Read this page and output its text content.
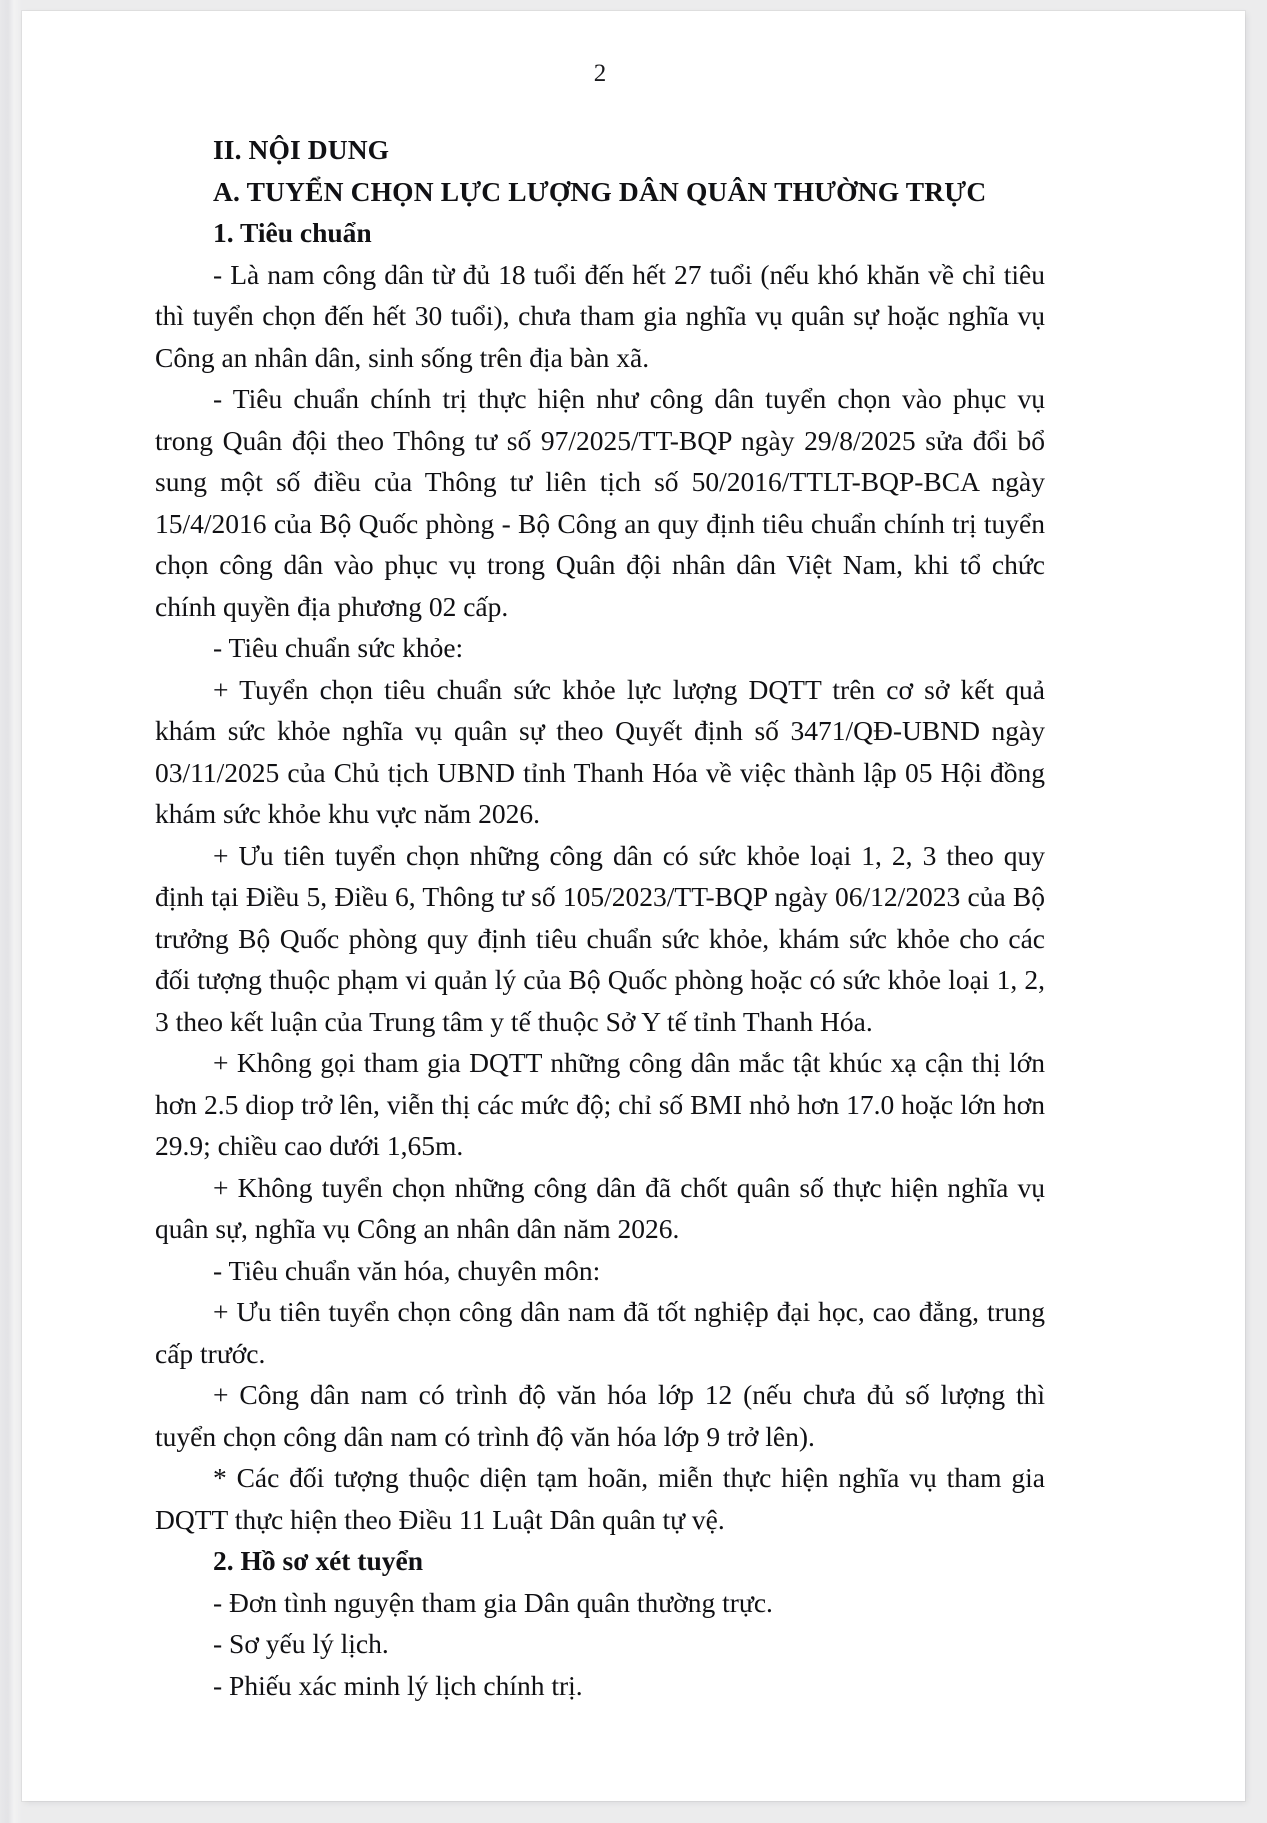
2

II. NỘI DUNG

A. TUYỂN CHỌN LỰC LƯỢNG DÂN QUÂN THƯỜNG TRỰC

1. Tiêu chuẩn

- Là nam công dân từ đủ 18 tuổi đến hết 27 tuổi (nếu khó khăn về chỉ tiêu thì tuyển chọn đến hết 30 tuổi), chưa tham gia nghĩa vụ quân sự hoặc nghĩa vụ Công an nhân dân, sinh sống trên địa bàn xã.

- Tiêu chuẩn chính trị thực hiện như công dân tuyển chọn vào phục vụ trong Quân đội theo Thông tư số 97/2025/TT-BQP ngày 29/8/2025 sửa đổi bổ sung một số điều của Thông tư liên tịch số 50/2016/TTLT-BQP-BCA ngày 15/4/2016 của Bộ Quốc phòng - Bộ Công an quy định tiêu chuẩn chính trị tuyển chọn công dân vào phục vụ trong Quân đội nhân dân Việt Nam, khi tổ chức chính quyền địa phương 02 cấp.

- Tiêu chuẩn sức khỏe:

+ Tuyển chọn tiêu chuẩn sức khỏe lực lượng DQTT trên cơ sở kết quả khám sức khỏe nghĩa vụ quân sự theo Quyết định số 3471/QĐ-UBND ngày 03/11/2025 của Chủ tịch UBND tỉnh Thanh Hóa về việc thành lập 05 Hội đồng khám sức khỏe khu vực năm 2026.

+ Ưu tiên tuyển chọn những công dân có sức khỏe loại 1, 2, 3 theo quy định tại Điều 5, Điều 6, Thông tư số 105/2023/TT-BQP ngày 06/12/2023 của Bộ trưởng Bộ Quốc phòng quy định tiêu chuẩn sức khỏe, khám sức khỏe cho các đối tượng thuộc phạm vi quản lý của Bộ Quốc phòng hoặc có sức khỏe loại 1, 2, 3 theo kết luận của Trung tâm y tế thuộc Sở Y tế tỉnh Thanh Hóa.

+ Không gọi tham gia DQTT những công dân mắc tật khúc xạ cận thị lớn hơn 2.5 diop trở lên, viễn thị các mức độ; chỉ số BMI nhỏ hơn 17.0 hoặc lớn hơn 29.9; chiều cao dưới 1,65m.

+ Không tuyển chọn những công dân đã chốt quân số thực hiện nghĩa vụ quân sự, nghĩa vụ Công an nhân dân năm 2026.

- Tiêu chuẩn văn hóa, chuyên môn:

+ Ưu tiên tuyển chọn công dân nam đã tốt nghiệp đại học, cao đẳng, trung cấp trước.

+ Công dân nam có trình độ văn hóa lớp 12 (nếu chưa đủ số lượng thì tuyển chọn công dân nam có trình độ văn hóa lớp 9 trở lên).

* Các đối tượng thuộc diện tạm hoãn, miễn thực hiện nghĩa vụ tham gia DQTT thực hiện theo Điều 11 Luật Dân quân tự vệ.

2. Hồ sơ xét tuyển

- Đơn tình nguyện tham gia Dân quân thường trực.

- Sơ yếu lý lịch.

- Phiếu xác minh lý lịch chính trị.
